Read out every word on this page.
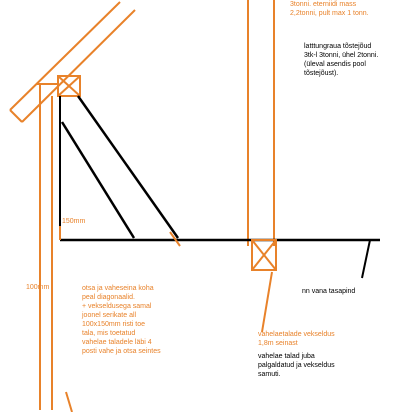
3tonni. eterniidi mass
2,2tonni, pult max 1 tonn.
latttungraua tõstejõud
3tk-l 3tonni, ühel 2tonni.
(üleval asendis pool
tõstejõust).
150mm
100mm	otsa ja vaheseina koha
peal diagonaalid.
+ vekseldusega samal
joonel serikate all
100x150mm risti toe
tala, mis toetatud
vahelae taladele läbi 4
posti vahe ja otsa seintes
nn vana tasapind
vahelaetalade vekseldus
1,8m seinast
vahelae talad juba
palgaldatud ja vekseldus
samuti.
